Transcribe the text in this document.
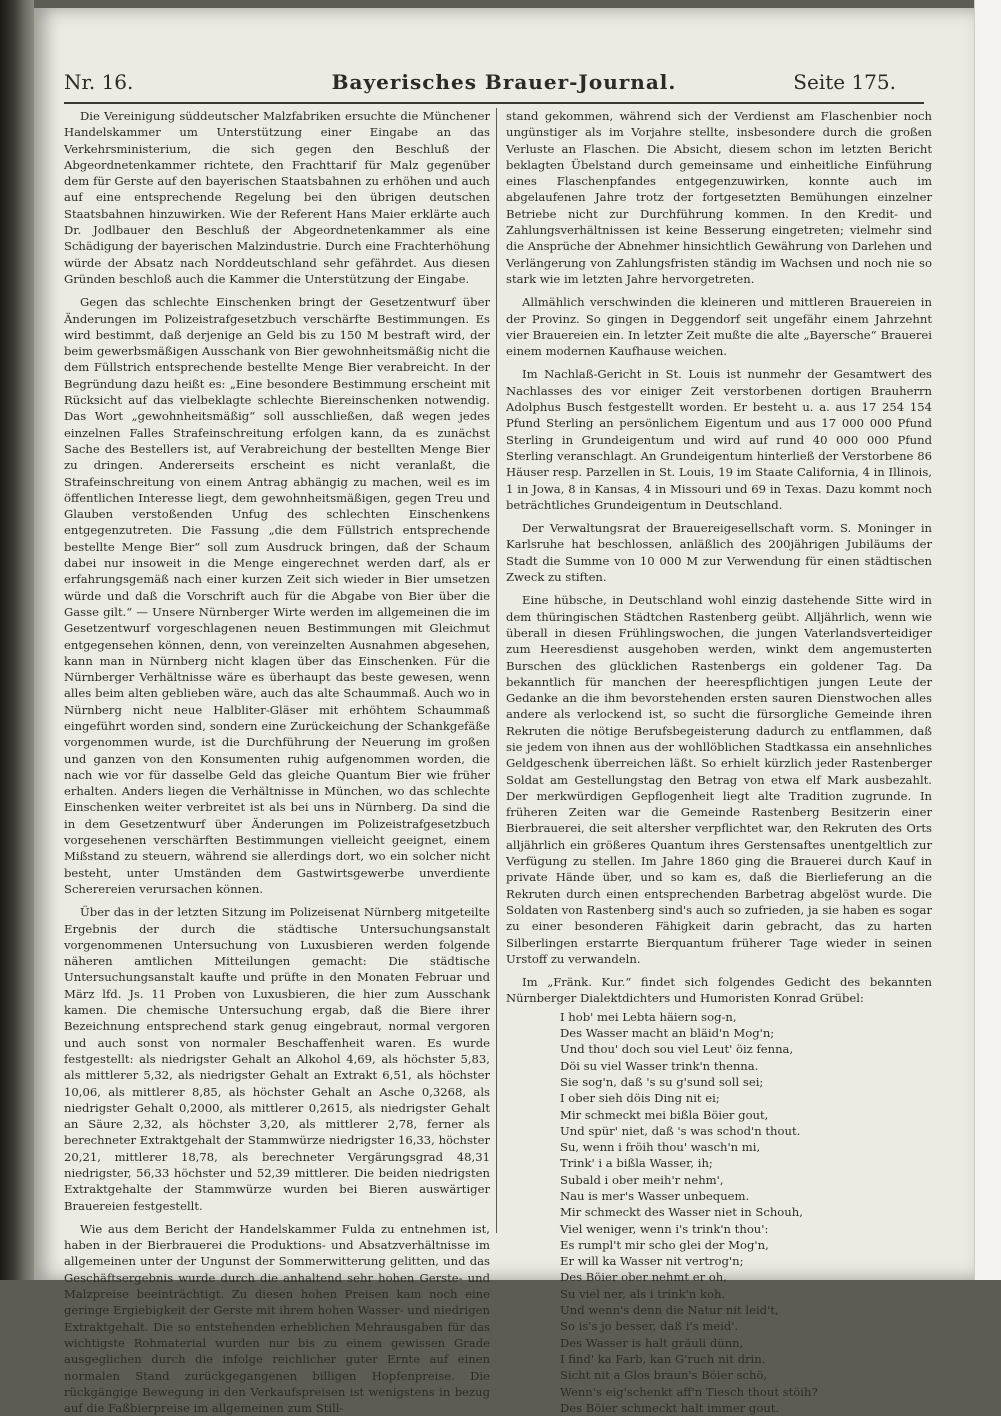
Bayerisches Brauer-Journal.
Nr. 16.	Seite 175.

Die Vereinigung süddeutscher Malzfabriken ersuchte die Münchener Handelskammer um Unterstützung einer Eingabe an das Verkehrsministerium, die sich gegen den Beschluß der Abgeordnetenkammer richtete, den Frachttarif für Malz gegenüber dem für Gerste auf den bayerischen Staatsbahnen zu erhöhen und auch auf eine entsprechende Regelung bei den übrigen deutschen Staatsbahnen hinzuwirken. Wie der Referent Hans Maier erklärte auch Dr. Jodlbauer den Beschluß der Abgeordnetenkammer als eine Schädigung der bayerischen Malzindustrie. Durch eine Frachterhöhung würde der Absatz nach Norddeutschland sehr gefährdet. Aus diesen Gründen beschloß auch die Kammer die Unterstützung der Eingabe.

Gegen das schlechte Einschenken bringt der Gesetzentwurf über Änderungen im Polizeistrafgesetzbuch verschärfte Bestimmungen. Es wird bestimmt, daß derjenige an Geld bis zu 150 M bestraft wird, der beim gewerbsmäßigen Ausschank von Bier gewohnheitsmäßig nicht die dem Füllstrich entsprechende bestellte Menge Bier verabreicht. In der Begründung dazu heißt es: „Eine besondere Bestimmung erscheint mit Rücksicht auf das vielbeklagte schlechte Biereinschenken notwendig. Das Wort „gewohnheitsmäßig“ soll ausschließen, daß wegen jedes einzelnen Falles Strafeinschreitung erfolgen kann, da es zunächst Sache des Bestellers ist, auf Verabreichung der bestellten Menge Bier zu dringen. Andererseits erscheint es nicht veranlaßt, die Strafeinschreitung von einem Antrag abhängig zu machen, weil es im öffentlichen Interesse liegt, dem gewohnheitsmäßigen, gegen Treu und Glauben verstoßenden Unfug des schlechten Einschenkens entgegenzutreten. Die Fassung „die dem Füllstrich entsprechende bestellte Menge Bier“ soll zum Ausdruck bringen, daß der Schaum dabei nur insoweit in die Menge eingerechnet werden darf, als er erfahrungsgemäß nach einer kurzen Zeit sich wieder in Bier umsetzen würde und daß die Vorschrift auch für die Abgabe von Bier über die Gasse gilt.“ — Unsere Nürnberger Wirte werden im allgemeinen die im Gesetzentwurf vorgeschlagenen neuen Bestimmungen mit Gleichmut entgegensehen können, denn, von vereinzelten Ausnahmen abgesehen, kann man in Nürnberg nicht klagen über das Einschenken. Für die Nürnberger Verhältnisse wäre es überhaupt das beste gewesen, wenn alles beim alten geblieben wäre, auch das alte Schaummaß. Auch wo in Nürnberg nicht neue Halbliter-Gläser mit erhöhtem Schaummaß eingeführt worden sind, sondern eine Zurückeichung der Schankgefäße vorgenommen wurde, ist die Durchführung der Neuerung im großen und ganzen von den Konsumenten ruhig aufgenommen worden, die nach wie vor für dasselbe Geld das gleiche Quantum Bier wie früher erhalten. Anders liegen die Verhältnisse in München, wo das schlechte Einschenken weiter verbreitet ist als bei uns in Nürnberg. Da sind die in dem Gesetzentwurf über Änderungen im Polizeistrafgesetzbuch vorgesehenen verschärften Bestimmungen vielleicht geeignet, einem Mißstand zu steuern, während sie allerdings dort, wo ein solcher nicht besteht, unter Umständen dem Gastwirtsgewerbe unverdiente Scherereien verursachen können.

Über das in der letzten Sitzung im Polizeisenat Nürnberg mitgeteilte Ergebnis der durch die städtische Untersuchungsanstalt vorgenommenen Untersuchung von Luxusbieren werden folgende näheren amtlichen Mitteilungen gemacht: Die städtische Untersuchungsanstalt kaufte und prüfte in den Monaten Februar und März lfd. Js. 11 Proben von Luxusbieren, die hier zum Ausschank kamen. Die chemische Untersuchung ergab, daß die Biere ihrer Bezeichnung entsprechend stark genug eingebraut, normal vergoren und auch sonst von normaler Beschaffenheit waren. Es wurde festgestellt: als niedrigster Gehalt an Alkohol 4,69, als höchster 5,83, als mittlerer 5,32, als niedrigster Gehalt an Extrakt 6,51, als höchster 10,06, als mittlerer 8,85, als höchster Gehalt an Asche 0,3268, als niedrigster Gehalt 0,2000, als mittlerer 0,2615, als niedrigster Gehalt an Säure 2,32, als höchster 3,20, als mittlerer 2,78, ferner als berechneter Extraktgehalt der Stammwürze niedrigster 16,33, höchster 20,21, mittlerer 18,78, als berechneter Vergärungsgrad 48,31 niedrigster, 56,33 höchster und 52,39 mittlerer. Die beiden niedrigsten Extraktgehalte der Stammwürze wurden bei Bieren auswärtiger Brauereien festgestellt.

Wie aus dem Bericht der Handelskammer Fulda zu entnehmen ist, haben in der Bierbrauerei die Produktions- und Absatzverhältnisse im allgemeinen unter der Ungunst der Sommerwitterung gelitten, und das Geschäftsergebnis wurde durch die anhaltend sehr hohen Gerste- und Malzpreise beeinträchtigt. Zu diesen hohen Preisen kam noch eine geringe Ergiebigkeit der Gerste mit ihrem hohen Wasser- und niedrigen Extraktgehalt. Die so entstehenden erheblichen Mehrausgaben für das wichtigste Rohmaterial wurden nur bis zu einem gewissen Grade ausgeglichen durch die infolge reichlicher guter Ernte auf einen normalen Stand zurückgegangenen billigen Hopfenpreise. Die rückgängige Bewegung in den Verkaufspreisen ist wenigstens in bezug auf die Faßbierpreise im allgemeinen zum Still-

stand gekommen, während sich der Verdienst am Flaschenbier noch ungünstiger als im Vorjahre stellte, insbesondere durch die großen Verluste an Flaschen. Die Absicht, diesem schon im letzten Bericht beklagten Übelstand durch gemeinsame und einheitliche Einführung eines Flaschenpfandes entgegenzuwirken, konnte auch im abgelaufenen Jahre trotz der fortgesetzten Bemühungen einzelner Betriebe nicht zur Durchführung kommen. In den Kredit- und Zahlungsverhältnissen ist keine Besserung eingetreten; vielmehr sind die Ansprüche der Abnehmer hinsichtlich Gewährung von Darlehen und Verlängerung von Zahlungsfristen ständig im Wachsen und noch nie so stark wie im letzten Jahre hervorgetreten.

Allmählich verschwinden die kleineren und mittleren Brauereien in der Provinz. So gingen in Deggendorf seit ungefähr einem Jahrzehnt vier Brauereien ein. In letzter Zeit mußte die alte „Bayersche“ Brauerei einem modernen Kaufhause weichen.

Im Nachlaß-Gericht in St. Louis ist nunmehr der Gesamtwert des Nachlasses des vor einiger Zeit verstorbenen dortigen Brauherrn Adolphus Busch festgestellt worden. Er besteht u. a. aus 17 254 154 Pfund Sterling an persönlichem Eigentum und aus 17 000 000 Pfund Sterling in Grundeigentum und wird auf rund 40 000 000 Pfund Sterling veranschlagt. An Grundeigentum hinterließ der Verstorbene 86 Häuser resp. Parzellen in St. Louis, 19 im Staate California, 4 in Illinois, 1 in Jowa, 8 in Kansas, 4 in Missouri und 69 in Texas. Dazu kommt noch beträchtliches Grundeigentum in Deutschland.

Der Verwaltungsrat der Brauereigesellschaft vorm. S. Moninger in Karlsruhe hat beschlossen, anläßlich des 200jährigen Jubiläums der Stadt die Summe von 10 000 M zur Verwendung für einen städtischen Zweck zu stiften.

Eine hübsche, in Deutschland wohl einzig dastehende Sitte wird in dem thüringischen Städtchen Rastenberg geübt. Alljährlich, wenn wie überall in diesen Frühlingswochen, die jungen Vaterlandsverteidiger zum Heeresdienst ausgehoben werden, winkt dem angemusterten Burschen des glücklichen Rastenbergs ein goldener Tag. Da bekanntlich für manchen der heerespflichtigen jungen Leute der Gedanke an die ihm bevorstehenden ersten sauren Dienstwochen alles andere als verlockend ist, so sucht die fürsorgliche Gemeinde ihren Rekruten die nötige Berufsbegeisterung dadurch zu entflammen, daß sie jedem von ihnen aus der wohllöblichen Stadtkassa ein ansehnliches Geldgeschenk überreichen läßt. So erhielt kürzlich jeder Rastenberger Soldat am Gestellungstag den Betrag von etwa elf Mark ausbezahlt. Der merkwürdigen Gepflogenheit liegt alte Tradition zugrunde. In früheren Zeiten war die Gemeinde Rastenberg Besitzerin einer Bierbrauerei, die seit altersher verpflichtet war, den Rekruten des Orts alljährlich ein größeres Quantum ihres Gerstensaftes unentgeltlich zur Verfügung zu stellen. Im Jahre 1860 ging die Brauerei durch Kauf in private Hände über, und so kam es, daß die Bierlieferung an die Rekruten durch einen entsprechenden Barbetrag abgelöst wurde. Die Soldaten von Rastenberg sind's auch so zufrieden, ja sie haben es sogar zu einer besonderen Fähigkeit darin gebracht, das zu harten Silberlingen erstarrte Bierquantum früherer Tage wieder in seinen Urstoff zu verwandeln.

Im „Fränk. Kur.“ findet sich folgendes Gedicht des bekannten Nürnberger Dialektdichters und Humoristen Konrad Grübel:

I hob' mei Lebta häiern sog-n,
Des Wasser macht an bläid'n Mog'n;
Und thou' doch sou viel Leut' öiz fenna,
Döi su viel Wasser trink'n thenna.
Sie sog'n, daß 's su g'sund soll sei;
I ober sieh döis Ding nit ei;
Mir schmeckt mei bißla Böier gout,
Und spür' niet, daß 's was schod'n thout.
Su, wenn i fröih thou' wasch'n mi,
Trink' i a bißla Wasser, ih;
Subald i ober meih'r nehm',
Nau is mer's Wasser unbequem.
Mir schmeckt des Wasser niet in Schouh,
Viel weniger, wenn i's trink'n thou':
Es rumpl't mir scho glei der Mog'n,
Er will ka Wasser nit vertrog'n;
Des Böier ober nehmt er oh,
Su viel ner, als i trink'n koh.
Und wenn's denn die Natur nit leid't,
So is's jo besser, daß i's meid'.
Des Wasser is halt gräuli dünn,
I find' ka Farb, kan G'ruch nit drin.
Sicht nit a Glos braun's Böier schö,
Wenn's eig'schenkt aff'n Tiesch thout stöih?
Des Böier schmeckt halt immer gout.
